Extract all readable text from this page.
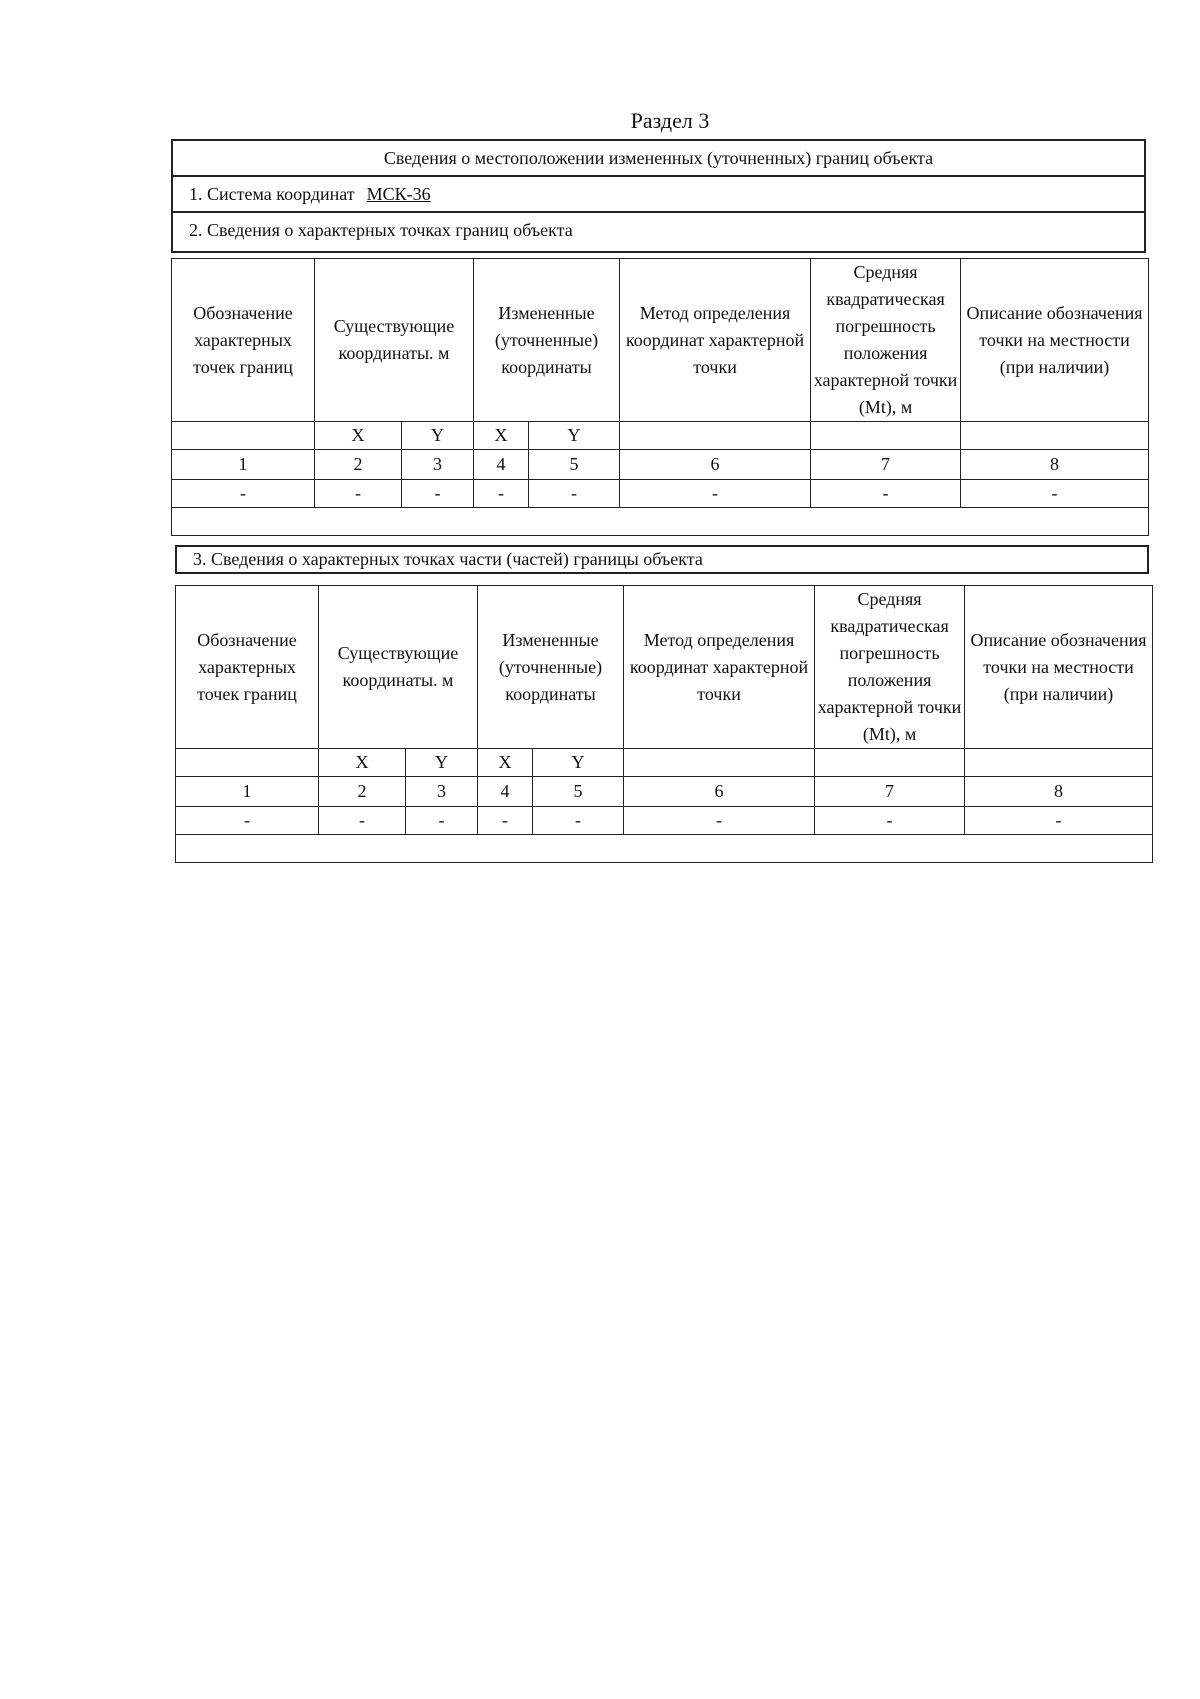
Раздел 3
Сведения о местоположении измененных (уточненных) границ объекта
1. Система координат МСК-36
2. Сведения о характерных точках границ объекта
Обозначение характерных точек границ	Существующие координаты. м		Измененные (уточненные) координаты		Метод определения координат характерной точки	Средняя квадратическая погрешность положения характерной точки (Mt), м	Описание обозначения точки на местности (при наличии)
	X	Y	X	Y			
1	2	3	4	5	6	7	8
-	-	-	-	-	-	-	-

3. Сведения о характерных точках части (частей) границы объекта
Обозначение характерных точек границ	Существующие координаты. м		Измененные (уточненные) координаты		Метод определения координат характерной точки	Средняя квадратическая погрешность положения характерной точки (Mt), м	Описание обозначения точки на местности (при наличии)
	X	Y	X	Y			
1	2	3	4	5	6	7	8
-	-	-	-	-	-	-	-
